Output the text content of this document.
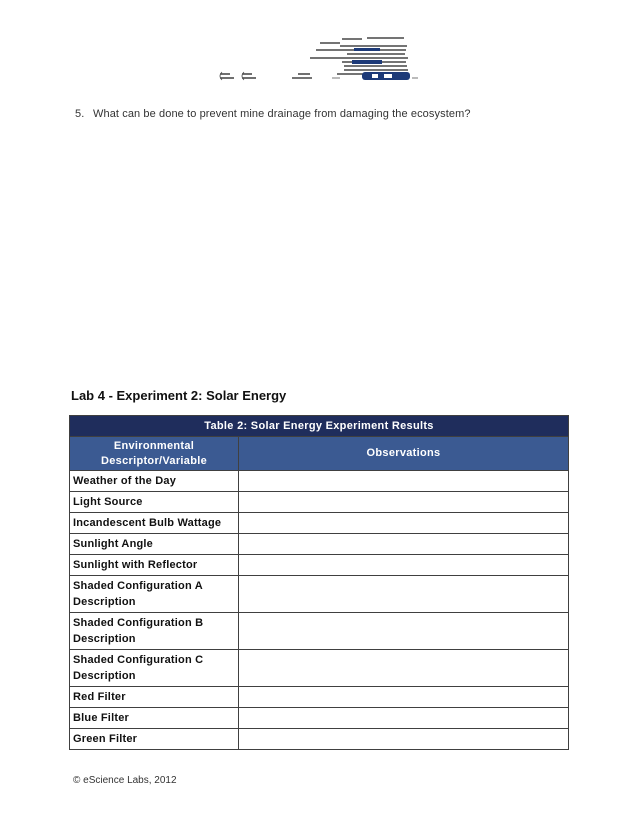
5. What can be done to prevent mine drainage from damaging the ecosystem?
Lab 4 - Experiment 2: Solar Energy
Table 2: Solar Energy Experiment Results	

Environmental
Descriptor/Variable	Observations

Weather of the Day	

Light Source	

Incandescent Bulb Wattage	

Sunlight Angle	

Sunlight with Reflector	

Shaded Configuration A
Description	

Shaded Configuration B
Description	

Shaded Configuration C
Description	

Red Filter	

Blue Filter	

Green Filter	

© eScience Labs, 2012
